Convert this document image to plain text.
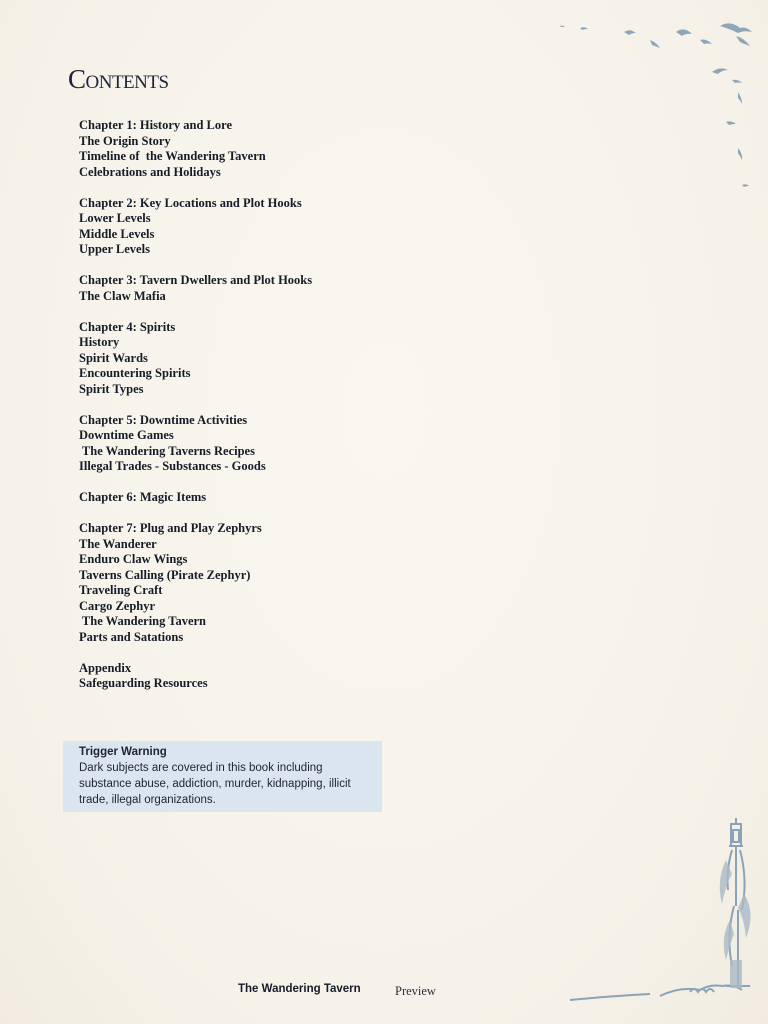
Contents
Chapter 1: History and Lore
The Origin Story
Timeline of  the Wandering Tavern
Celebrations and Holidays
Chapter 2: Key Locations and Plot Hooks
Lower Levels
Middle Levels
Upper Levels
Chapter 3: Tavern Dwellers and Plot Hooks
The Claw Mafia
Chapter 4: Spirits
History
Spirit Wards
Encountering Spirits
Spirit Types
Chapter 5: Downtime Activities
Downtime Games
The Wandering Taverns Recipes
Illegal Trades - Substances - Goods
Chapter 6: Magic Items
Chapter 7: Plug and Play Zephyrs
The Wanderer
Enduro Claw Wings
Taverns Calling (Pirate Zephyr)
Traveling Craft
Cargo Zephyr
The Wandering Tavern
Parts and Satations
Appendix
Safeguarding Resources
Trigger Warning
Dark subjects are covered in this book including substance abuse, addiction, murder, kidnapping, illicit trade, illegal organizations.
The Wandering Tavern	Preview
